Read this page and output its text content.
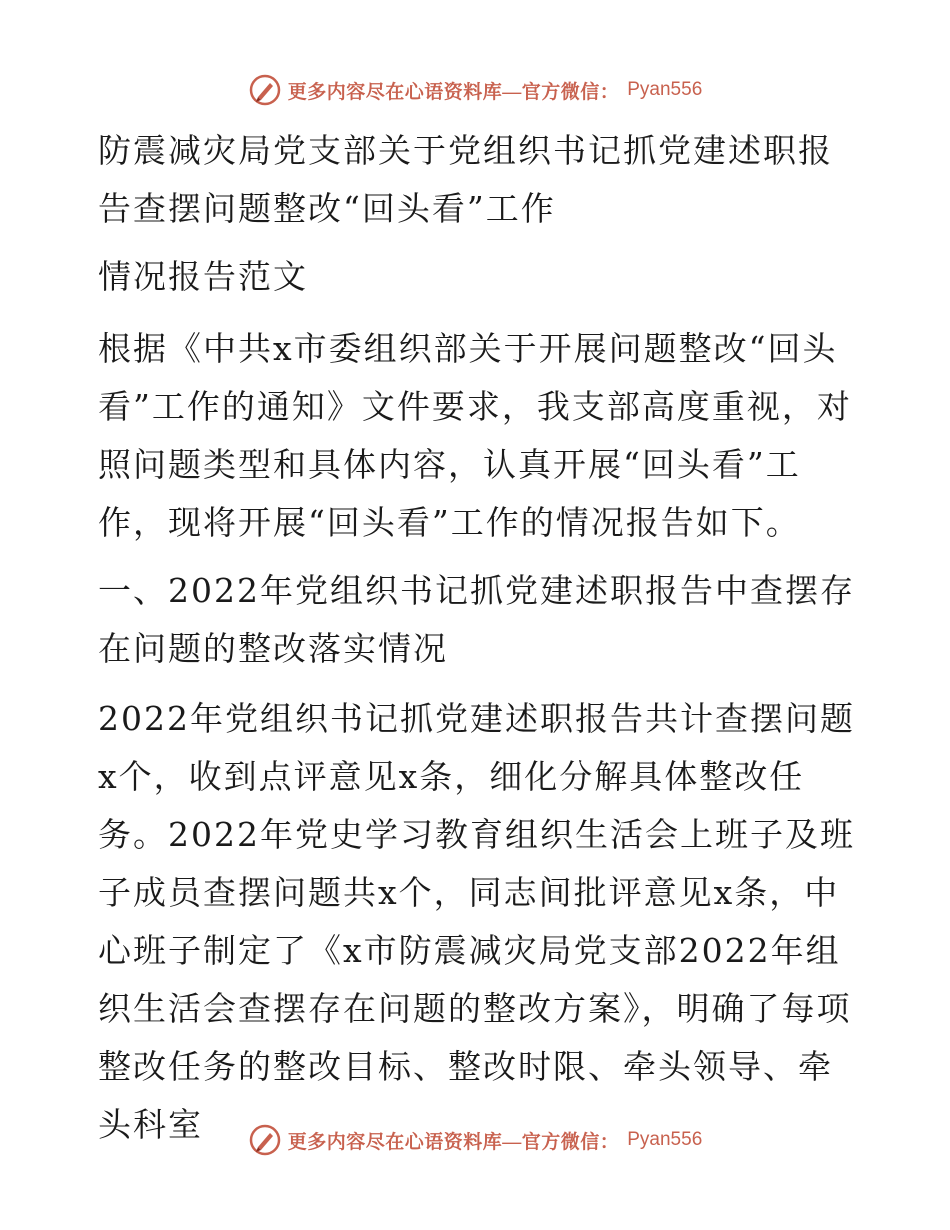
更多内容尽在心语资料库—官方微信： Pyan556

防震减灾局党支部关于党组织书记抓党建述职报告查摆问题整改“回头看”工作

情况报告范文

根据《中共x市委组织部关于开展问题整改“回头看”工作的通知》文件要求，我支部高度重视，对照问题类型和具体内容，认真开展“回头看”工作，现将开展“回头看”工作的情况报告如下。

一、2022年党组织书记抓党建述职报告中查摆存在问题的整改落实情况

2022年党组织书记抓党建述职报告共计查摆问题x个，收到点评意见x条，细化分解具体整改任务。2022年党史学习教育组织生活会上班子及班子成员查摆问题共x个，同志间批评意见x条，中心班子制定了《x市防震减灾局党支部2022年组织生活会查摆存在问题的整改方案》，明确了每项整改任务的整改目标、整改时限、牵头领导、牵头科室	更多内容尽在心语资料库—官方微信： Pyan556
